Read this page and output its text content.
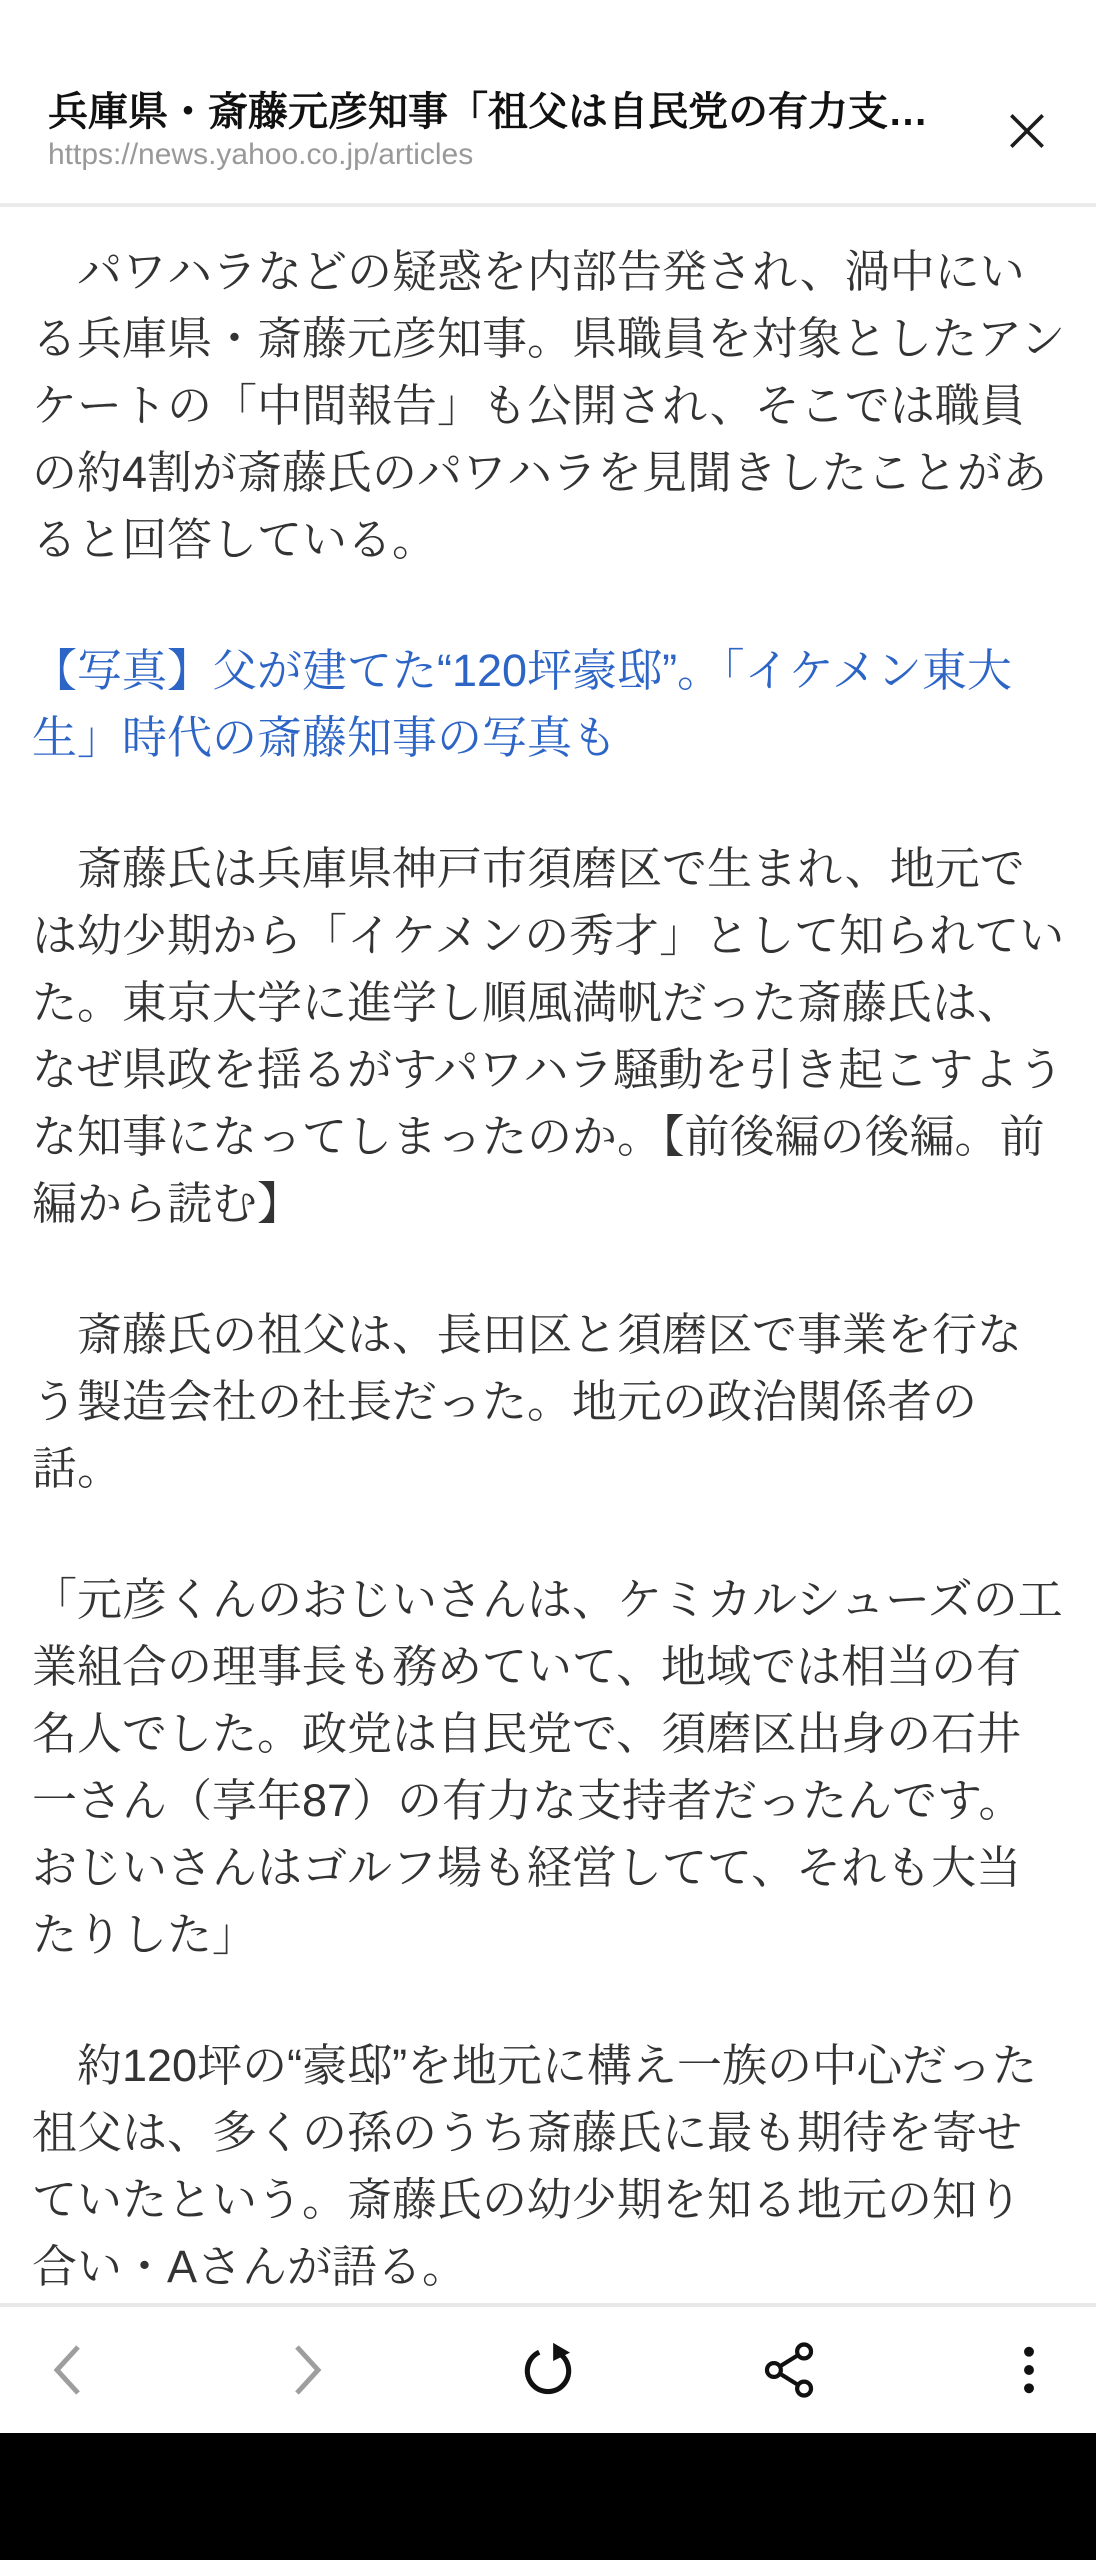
兵庫県・斎藤元彦知事「祖父は自民党の有力支…
https://news.yahoo.co.jp/articles

　パワハラなどの疑惑を内部告発され、渦中にいる兵庫県・斎藤元彦知事。県職員を対象としたアンケートの「中間報告」も公開され、そこでは職員の約4割が斎藤氏のパワハラを見聞きしたことがあると回答している。

【写真】父が建てた“120坪豪邸”。「イケメン東大生」時代の斎藤知事の写真も

　斎藤氏は兵庫県神戸市須磨区で生まれ、地元では幼少期から「イケメンの秀才」として知られていた。東京大学に進学し順風満帆だった斎藤氏は、なぜ県政を揺るがすパワハラ騒動を引き起こすような知事になってしまったのか。【前後編の後編。前編から読む】

　斎藤氏の祖父は、長田区と須磨区で事業を行なう製造会社の社長だった。地元の政治関係者の話。

「元彦くんのおじいさんは、ケミカルシューズの工業組合の理事長も務めていて、地域では相当の有名人でした。政党は自民党で、須磨区出身の石井一さん（享年87）の有力な支持者だったんです。おじいさんはゴルフ場も経営してて、それも大当たりした」

　約120坪の“豪邸”を地元に構え一族の中心だった祖父は、多くの孫のうち斎藤氏に最も期待を寄せていたという。斎藤氏の幼少期を知る地元の知り合い・Aさんが語る。
